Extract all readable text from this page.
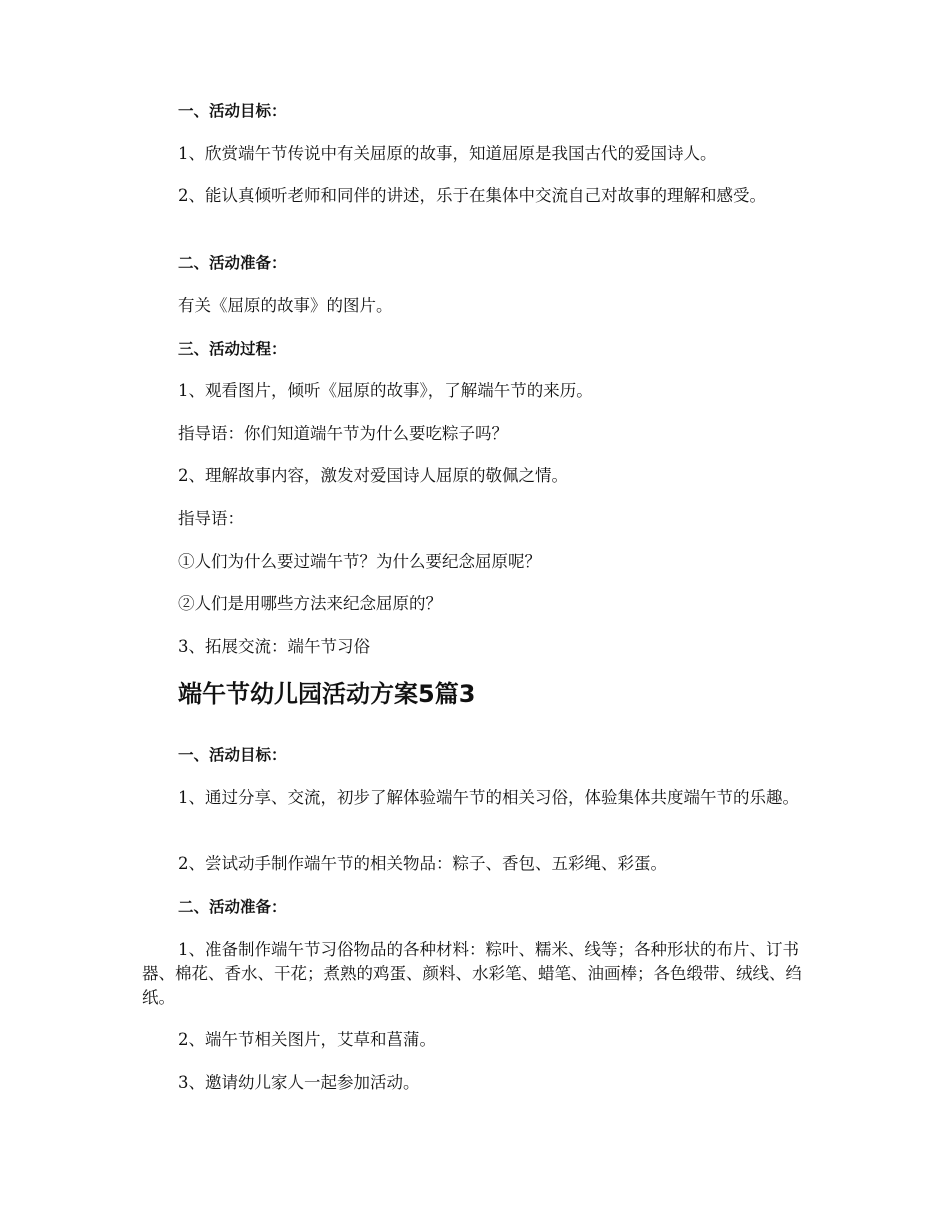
一、活动目标：

1、欣赏端午节传说中有关屈原的故事，知道屈原是我国古代的爱国诗人。

2、能认真倾听老师和同伴的讲述，乐于在集体中交流自己对故事的理解和感受。

二、活动准备：

有关《屈原的故事》的图片。

三、活动过程：

1、观看图片，倾听《屈原的故事》，了解端午节的来历。

指导语：你们知道端午节为什么要吃粽子吗？

2、理解故事内容，激发对爱国诗人屈原的敬佩之情。

指导语：

①人们为什么要过端午节？为什么要纪念屈原呢？

②人们是用哪些方法来纪念屈原的？

3、拓展交流：端午节习俗

端午节幼儿园活动方案5篇3

一、活动目标：

1、通过分享、交流，初步了解体验端午节的相关习俗，体验集体共度端午节的乐趣。

2、尝试动手制作端午节的相关物品：粽子、香包、五彩绳、彩蛋。

二、活动准备：

1、准备制作端午节习俗物品的各种材料：粽叶、糯米、线等；各种形状的布片、订书器、棉花、香水、干花；煮熟的鸡蛋、颜料、水彩笔、蜡笔、油画棒；各色缎带、绒线、绉纸。

2、端午节相关图片，艾草和菖蒲。

3、邀请幼儿家人一起参加活动。
